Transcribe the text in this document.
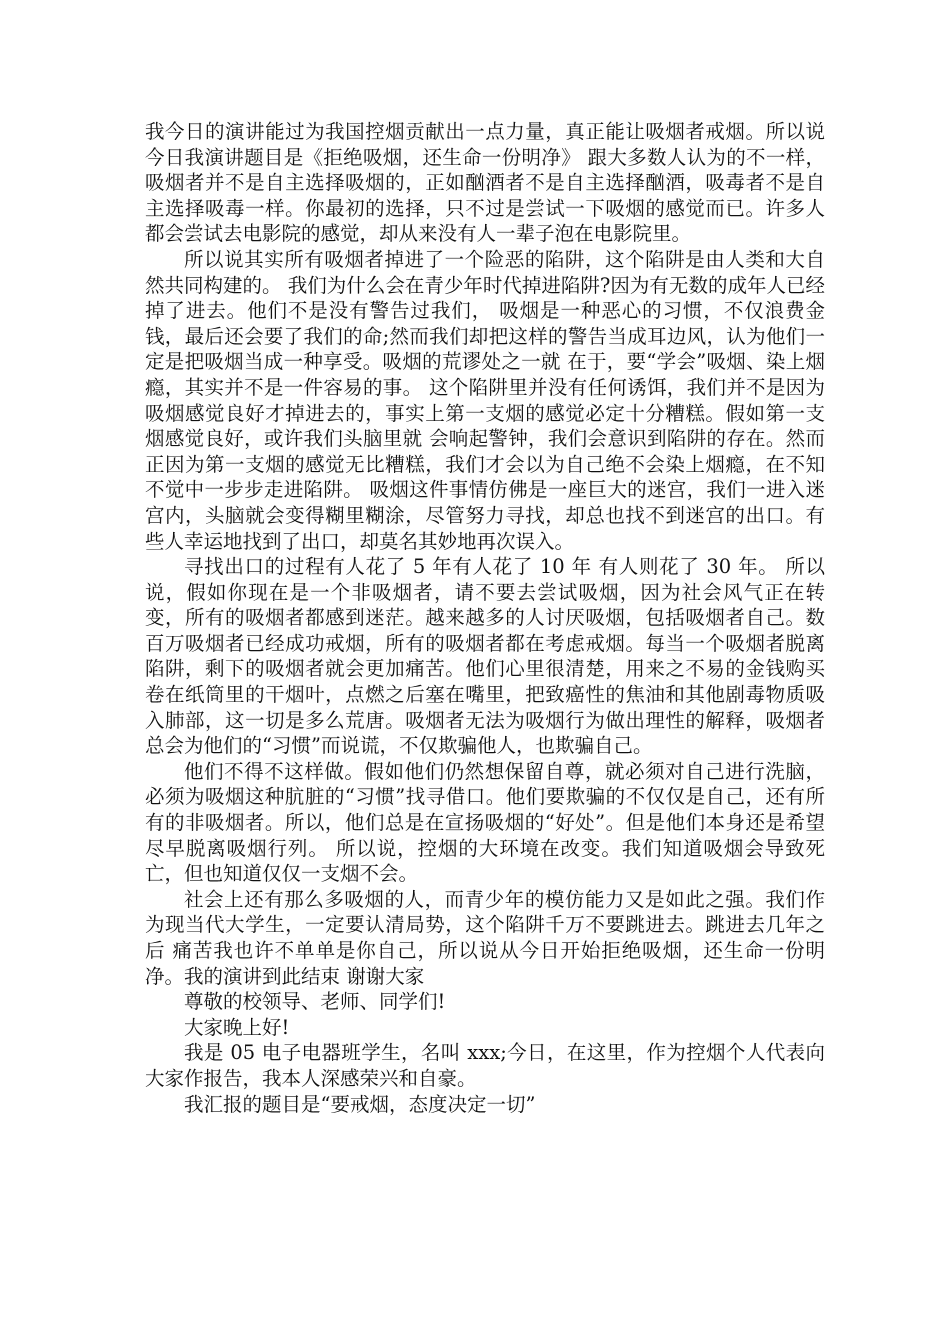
我今日的演讲能过为我国控烟贡献出一点力量，真正能让吸烟者戒烟。所以说今日我演讲题目是《拒绝吸烟，还生命一份明净》 跟大多数人认为的不一样，吸烟者并不是自主选择吸烟的，正如酗酒者不是自主选择酗酒，吸毒者不是自主选择吸毒一样。你最初的选择，只不过是尝试一下吸烟的感觉而已。许多人都会尝试去电影院的感觉，却从来没有人一辈子泡在电影院里。

所以说其实所有吸烟者掉进了一个险恶的陷阱，这个陷阱是由人类和大自然共同构建的。 我们为什么会在青少年时代掉进陷阱?因为有无数的成年人已经掉了进去。他们不是没有警告过我们， 吸烟是一种恶心的习惯，不仅浪费金钱，最后还会要了我们的命;然而我们却把这样的警告当成耳边风，认为他们一定是把吸烟当成一种享受。吸烟的荒谬处之一就 在于，要“学会”吸烟、染上烟瘾，其实并不是一件容易的事。 这个陷阱里并没有任何诱饵，我们并不是因为吸烟感觉良好才掉进去的，事实上第一支烟的感觉必定十分糟糕。假如第一支烟感觉良好，或许我们头脑里就 会响起警钟，我们会意识到陷阱的存在。然而正因为第一支烟的感觉无比糟糕，我们才会以为自己绝不会染上烟瘾，在不知不觉中一步步走进陷阱。 吸烟这件事情仿佛是一座巨大的迷宫，我们一进入迷宫内，头脑就会变得糊里糊涂，尽管努力寻找，却总也找不到迷宫的出口。有些人幸运地找到了出口，却莫名其妙地再次误入。

寻找出口的过程有人花了 5 年有人花了 10 年 有人则花了 30 年。 所以说，假如你现在是一个非吸烟者，请不要去尝试吸烟，因为社会风气正在转变，所有的吸烟者都感到迷茫。越来越多的人讨厌吸烟，包括吸烟者自己。数百万吸烟者已经成功戒烟，所有的吸烟者都在考虑戒烟。每当一个吸烟者脱离陷阱，剩下的吸烟者就会更加痛苦。他们心里很清楚，用来之不易的金钱购买卷在纸筒里的干烟叶，点燃之后塞在嘴里，把致癌性的焦油和其他剧毒物质吸入肺部，这一切是多么荒唐。吸烟者无法为吸烟行为做出理性的解释，吸烟者总会为他们的“习惯”而说谎，不仅欺骗他人，也欺骗自己。

他们不得不这样做。假如他们仍然想保留自尊，就必须对自己进行洗脑，必须为吸烟这种肮脏的“习惯”找寻借口。他们要欺骗的不仅仅是自己，还有所有的非吸烟者。所以，他们总是在宣扬吸烟的“好处”。但是他们本身还是希望尽早脱离吸烟行列。 所以说，控烟的大环境在改变。我们知道吸烟会导致死亡，但也知道仅仅一支烟不会。

社会上还有那么多吸烟的人，而青少年的模仿能力又是如此之强。我们作为现当代大学生，一定要认清局势，这个陷阱千万不要跳进去。跳进去几年之后 痛苦我也许不单单是你自己，所以说从今日开始拒绝吸烟，还生命一份明净。我的演讲到此结束 谢谢大家

尊敬的校领导、老师、同学们!

大家晚上好!

我是 05 电子电器班学生，名叫 xxx;今日，在这里，作为控烟个人代表向大家作报告，我本人深感荣兴和自豪。

我汇报的题目是“要戒烟，态度决定一切”
